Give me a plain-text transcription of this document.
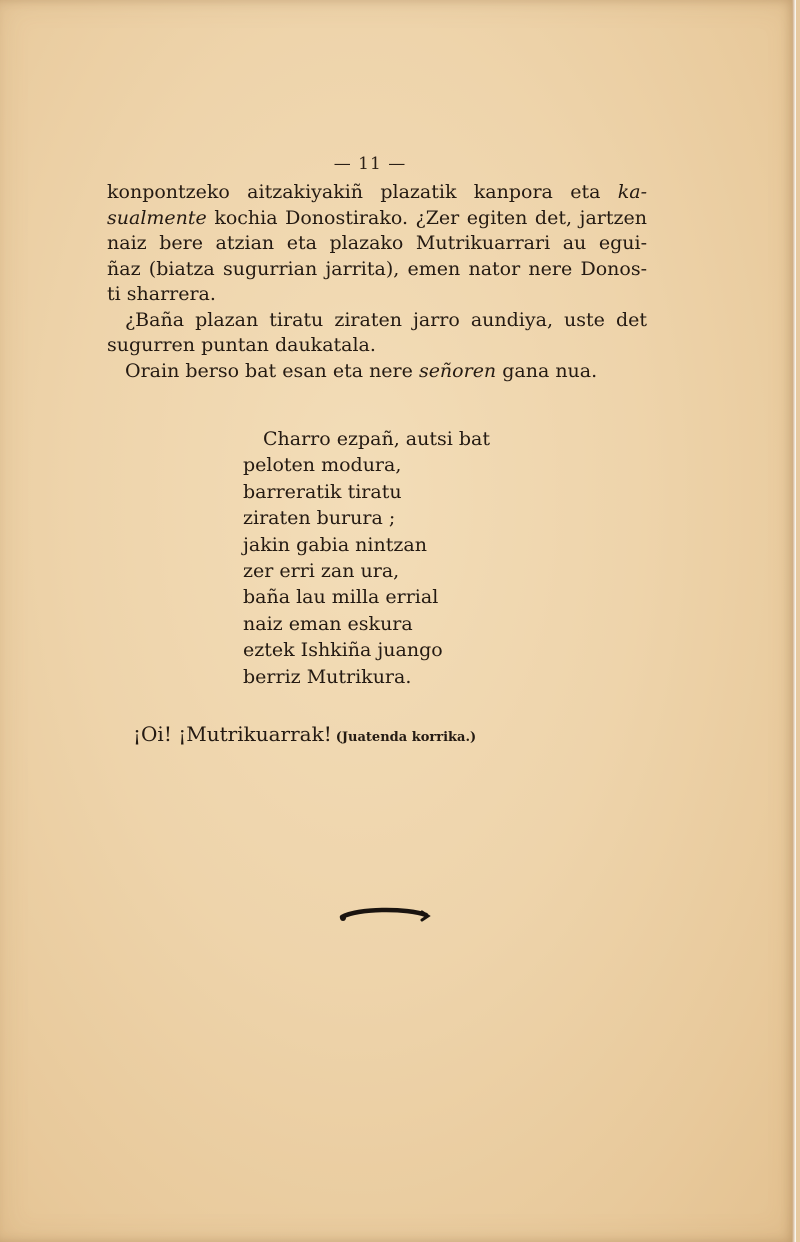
— 11 —
konpontzeko aitzakiyakiñ plazatik kanpora eta ka-
sualmente kochia Donostirako. ¿Zer egiten det, jartzen
naiz bere atzian eta plazako Mutrikuarrari au egui-
ñaz (biatza sugurrian jarrita), emen nator nere Donos-
ti sharrera.
¿Baña plazan tiratu ziraten jarro aundiya, uste det
sugurren puntan daukatala.
Orain berso bat esan eta nere señoren gana nua.
Charro ezpañ, autsi bat
peloten modura,
barreratik tiratu
ziraten burura ;
jakin gabia nintzan
zer erri zan ura,
baña lau milla errial
naiz eman eskura
eztek Ishkiña juango
berriz Mutrikura.
¡Oi! ¡Mutrikuarrak! (Juatenda korrika.)
